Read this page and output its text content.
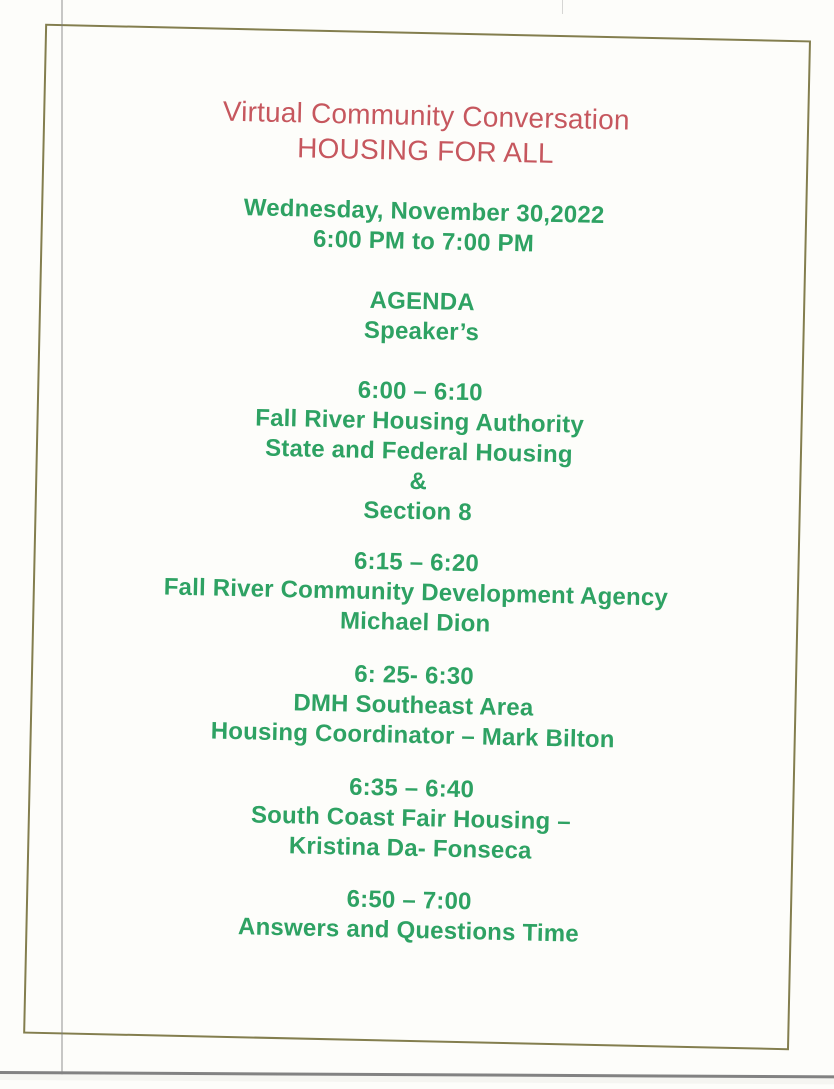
Virtual Community Conversation
HOUSING FOR ALL
Wednesday, November 30,2022
6:00 PM to 7:00 PM
AGENDA
Speaker’s
6:00 – 6:10
Fall River Housing Authority
State and Federal Housing
&
Section 8
6:15 – 6:20
Fall River Community Development Agency
Michael Dion
6: 25- 6:30
DMH Southeast Area
Housing Coordinator – Mark Bilton
6:35 – 6:40
South Coast Fair Housing –
Kristina Da- Fonseca
6:50 – 7:00
Answers and Questions Time
